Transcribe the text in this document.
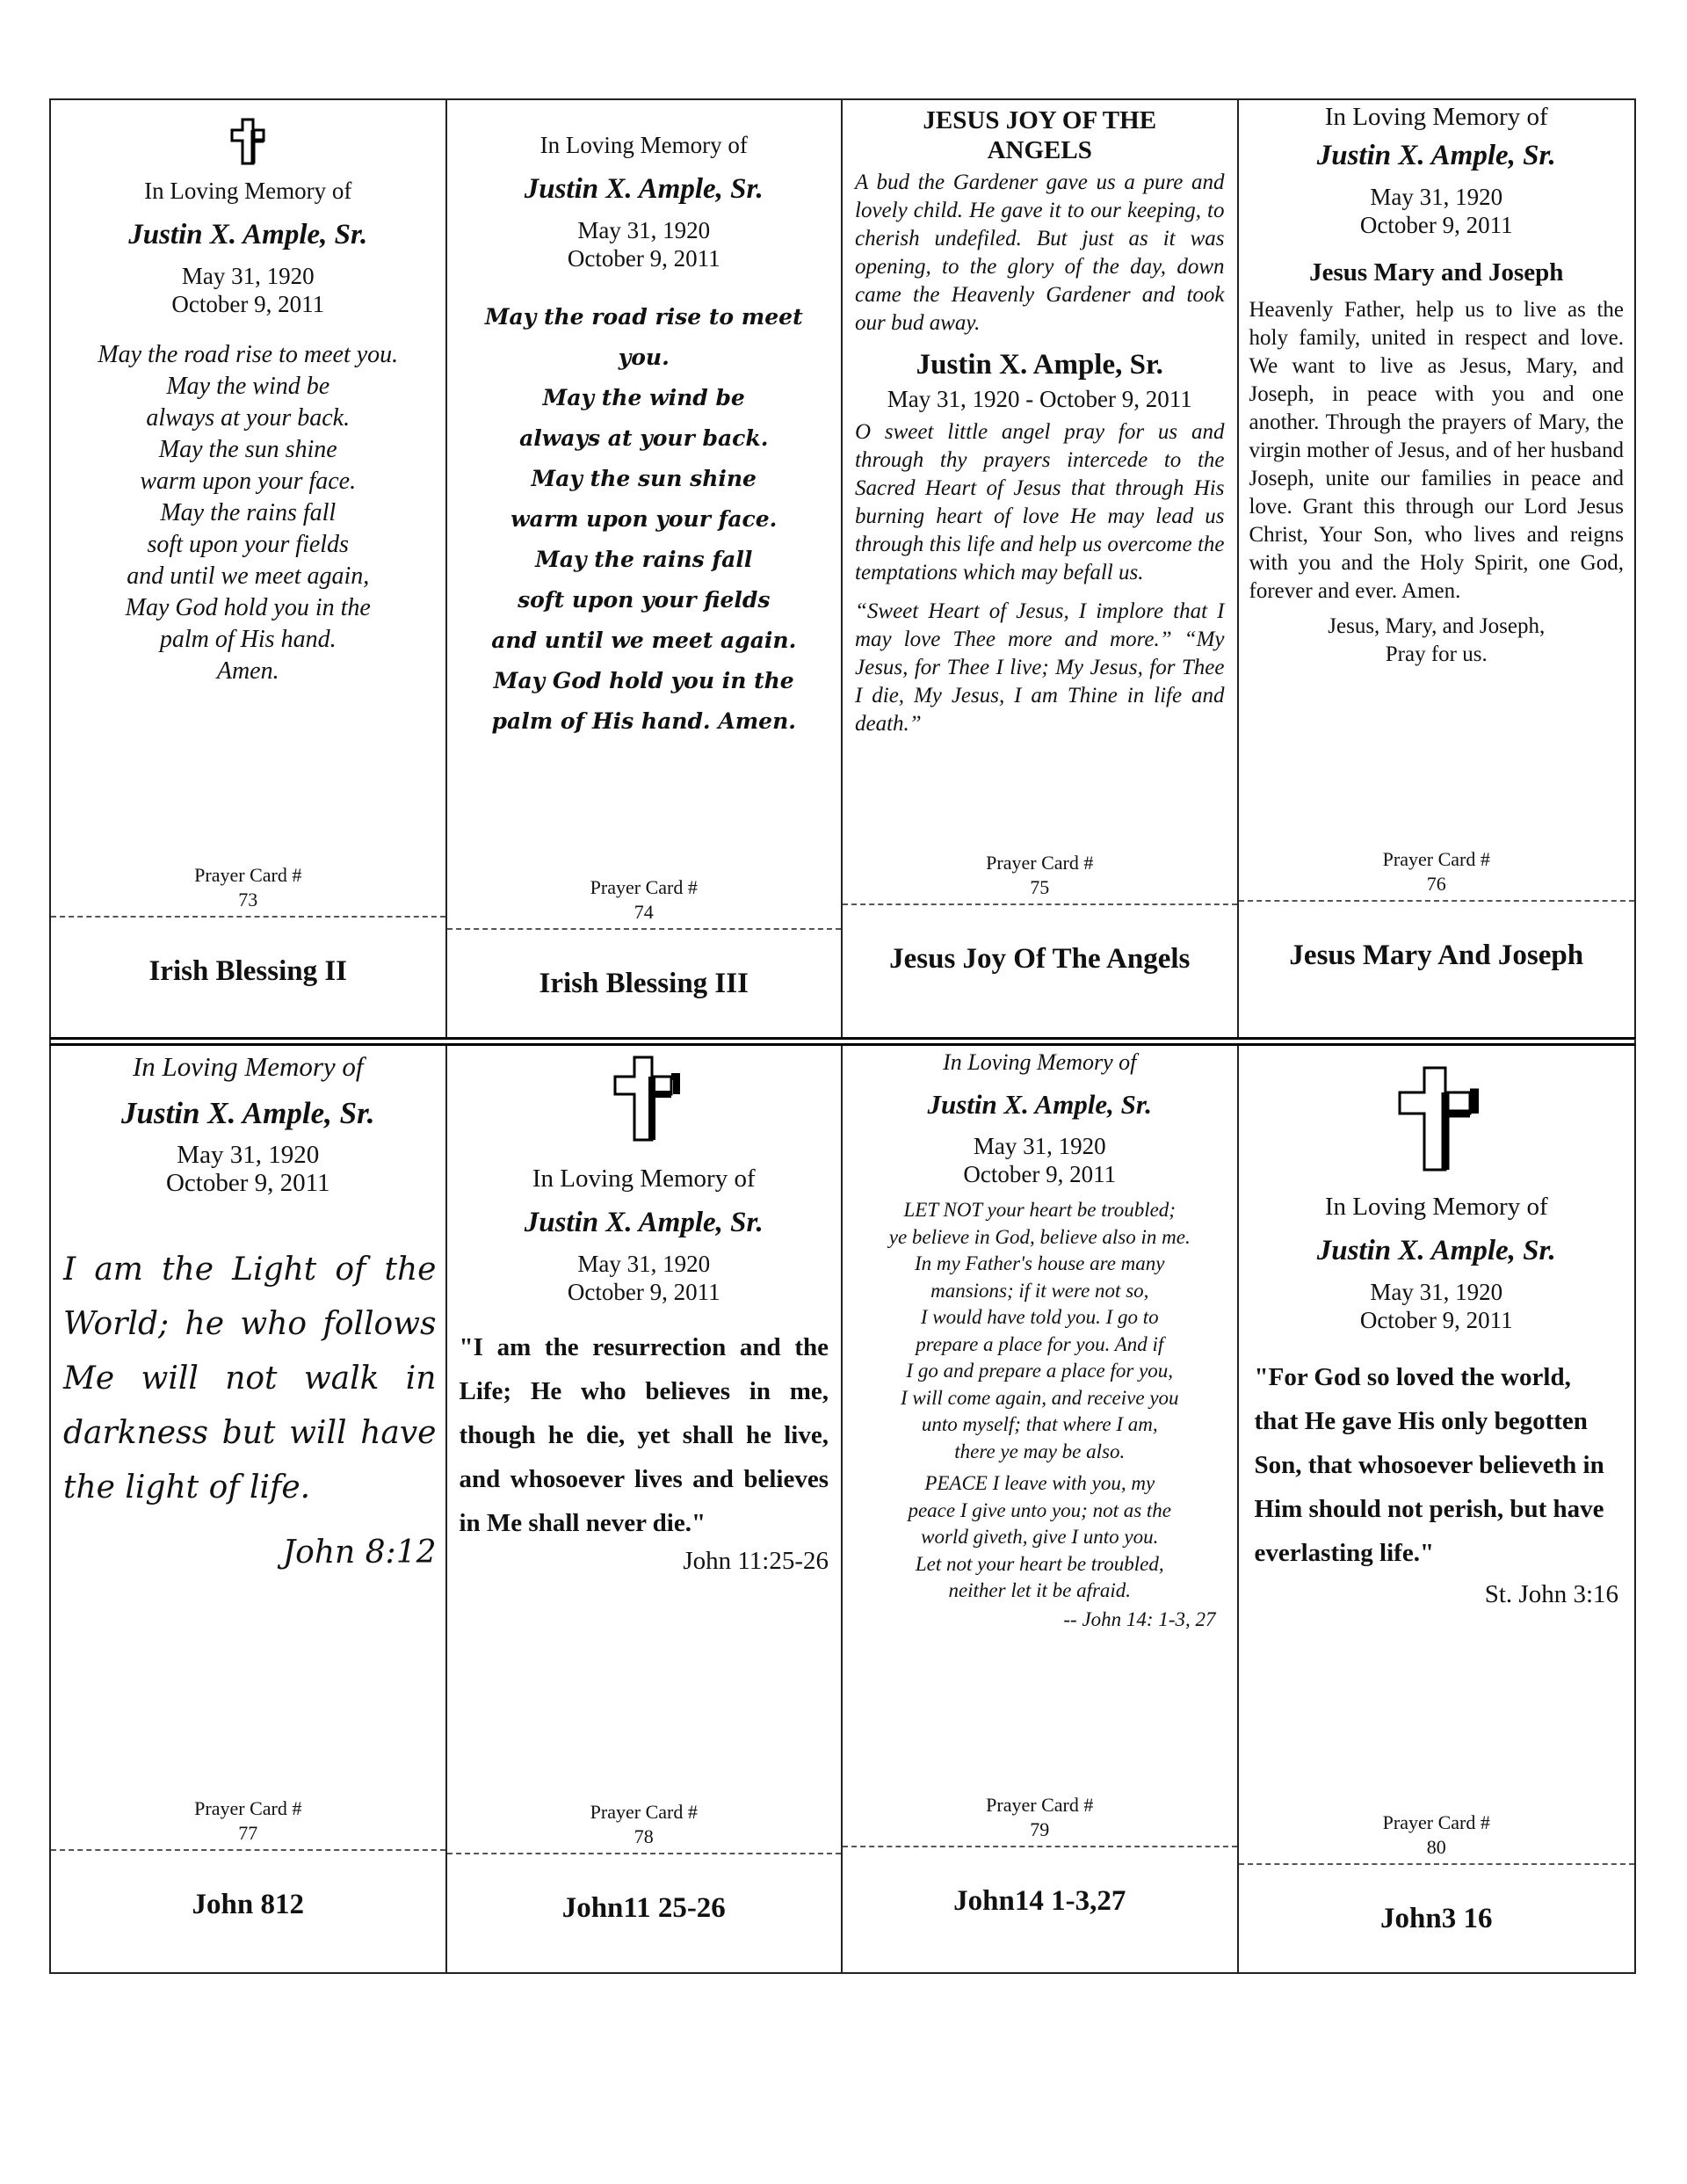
In Loving Memory of
Justin X. Ample, Sr.
May 31, 1920
October 9, 2011
May the road rise to meet you.
May the wind be
always at your back.
May the sun shine
warm upon your face.
May the rains fall
soft upon your fields
and until we meet again,
May God hold you in the
palm of His hand.
Amen.
Prayer Card #
73
Irish Blessing II
In Loving Memory of
Justin X. Ample, Sr.
May 31, 1920
October 9, 2011
May the road rise to meet you.
May the wind be
always at your back.
May the sun shine
warm upon your face.
May the rains fall
soft upon your fields
and until we meet again.
May God hold you in the
palm of His hand. Amen.
Prayer Card #
74
Irish Blessing III
JESUS JOY OF THE ANGELS
A bud the Gardener gave us a pure and lovely child. He gave it to our keeping, to cherish undefiled. But just as it was opening, to the glory of the day, down came the Heavenly Gardener and took our bud away.
Justin X. Ample, Sr.
May 31, 1920 - October 9, 2011
O sweet little angel pray for us and through thy prayers intercede to the Sacred Heart of Jesus that through His burning heart of love He may lead us through this life and help us overcome the temptations which may befall us.
“Sweet Heart of Jesus, I implore that I may love Thee more and more.” “My Jesus, for Thee I live; My Jesus, for Thee I die, My Jesus, I am Thine in life and death.”
Prayer Card #
75
Jesus Joy Of The Angels
In Loving Memory of
Justin X. Ample, Sr.
May 31, 1920
October 9, 2011
Jesus Mary and Joseph
Heavenly Father, help us to live as the holy family, united in respect and love. We want to live as Jesus, Mary, and Joseph, in peace with you and one another. Through the prayers of Mary, the virgin mother of Jesus, and of her husband Joseph, unite our families in peace and love. Grant this through our Lord Jesus Christ, Your Son, who lives and reigns with you and the Holy Spirit, one God, forever and ever. Amen.
Jesus, Mary, and Joseph,
Pray for us.
Prayer Card #
76
Jesus Mary And Joseph
In Loving Memory of
Justin X. Ample, Sr.
May 31, 1920
October 9, 2011
I am the Light of the World; he who follows Me will not walk in darkness but will have the light of life.
John 8:12
Prayer Card #
77
John 812
In Loving Memory of
Justin X. Ample, Sr.
May 31, 1920
October 9, 2011
"I am the resurrection and the Life; He who believes in me, though he die, yet shall he live, and whosoever lives and believes in Me shall never die."
John 11:25-26
Prayer Card #
78
John11 25-26
In Loving Memory of
Justin X. Ample, Sr.
May 31, 1920
October 9, 2011
LET NOT your heart be troubled;
ye believe in God, believe also in me.
In my Father's house are many
mansions; if it were not so,
I would have told you. I go to
prepare a place for you. And if
I go and prepare a place for you,
I will come again, and receive you
unto myself; that where I am,
there ye may be also.
PEACE I leave with you, my
peace I give unto you; not as the
world giveth, give I unto you.
Let not your heart be troubled,
neither let it be afraid.
-- John 14: 1-3, 27
Prayer Card #
79
John14 1-3,27
In Loving Memory of
Justin X. Ample, Sr.
May 31, 1920
October 9, 2011
"For God so loved the world, that He gave His only begotten Son, that whosoever believeth in Him should not perish, but have everlasting life."
St. John 3:16
Prayer Card #
80
John3 16
